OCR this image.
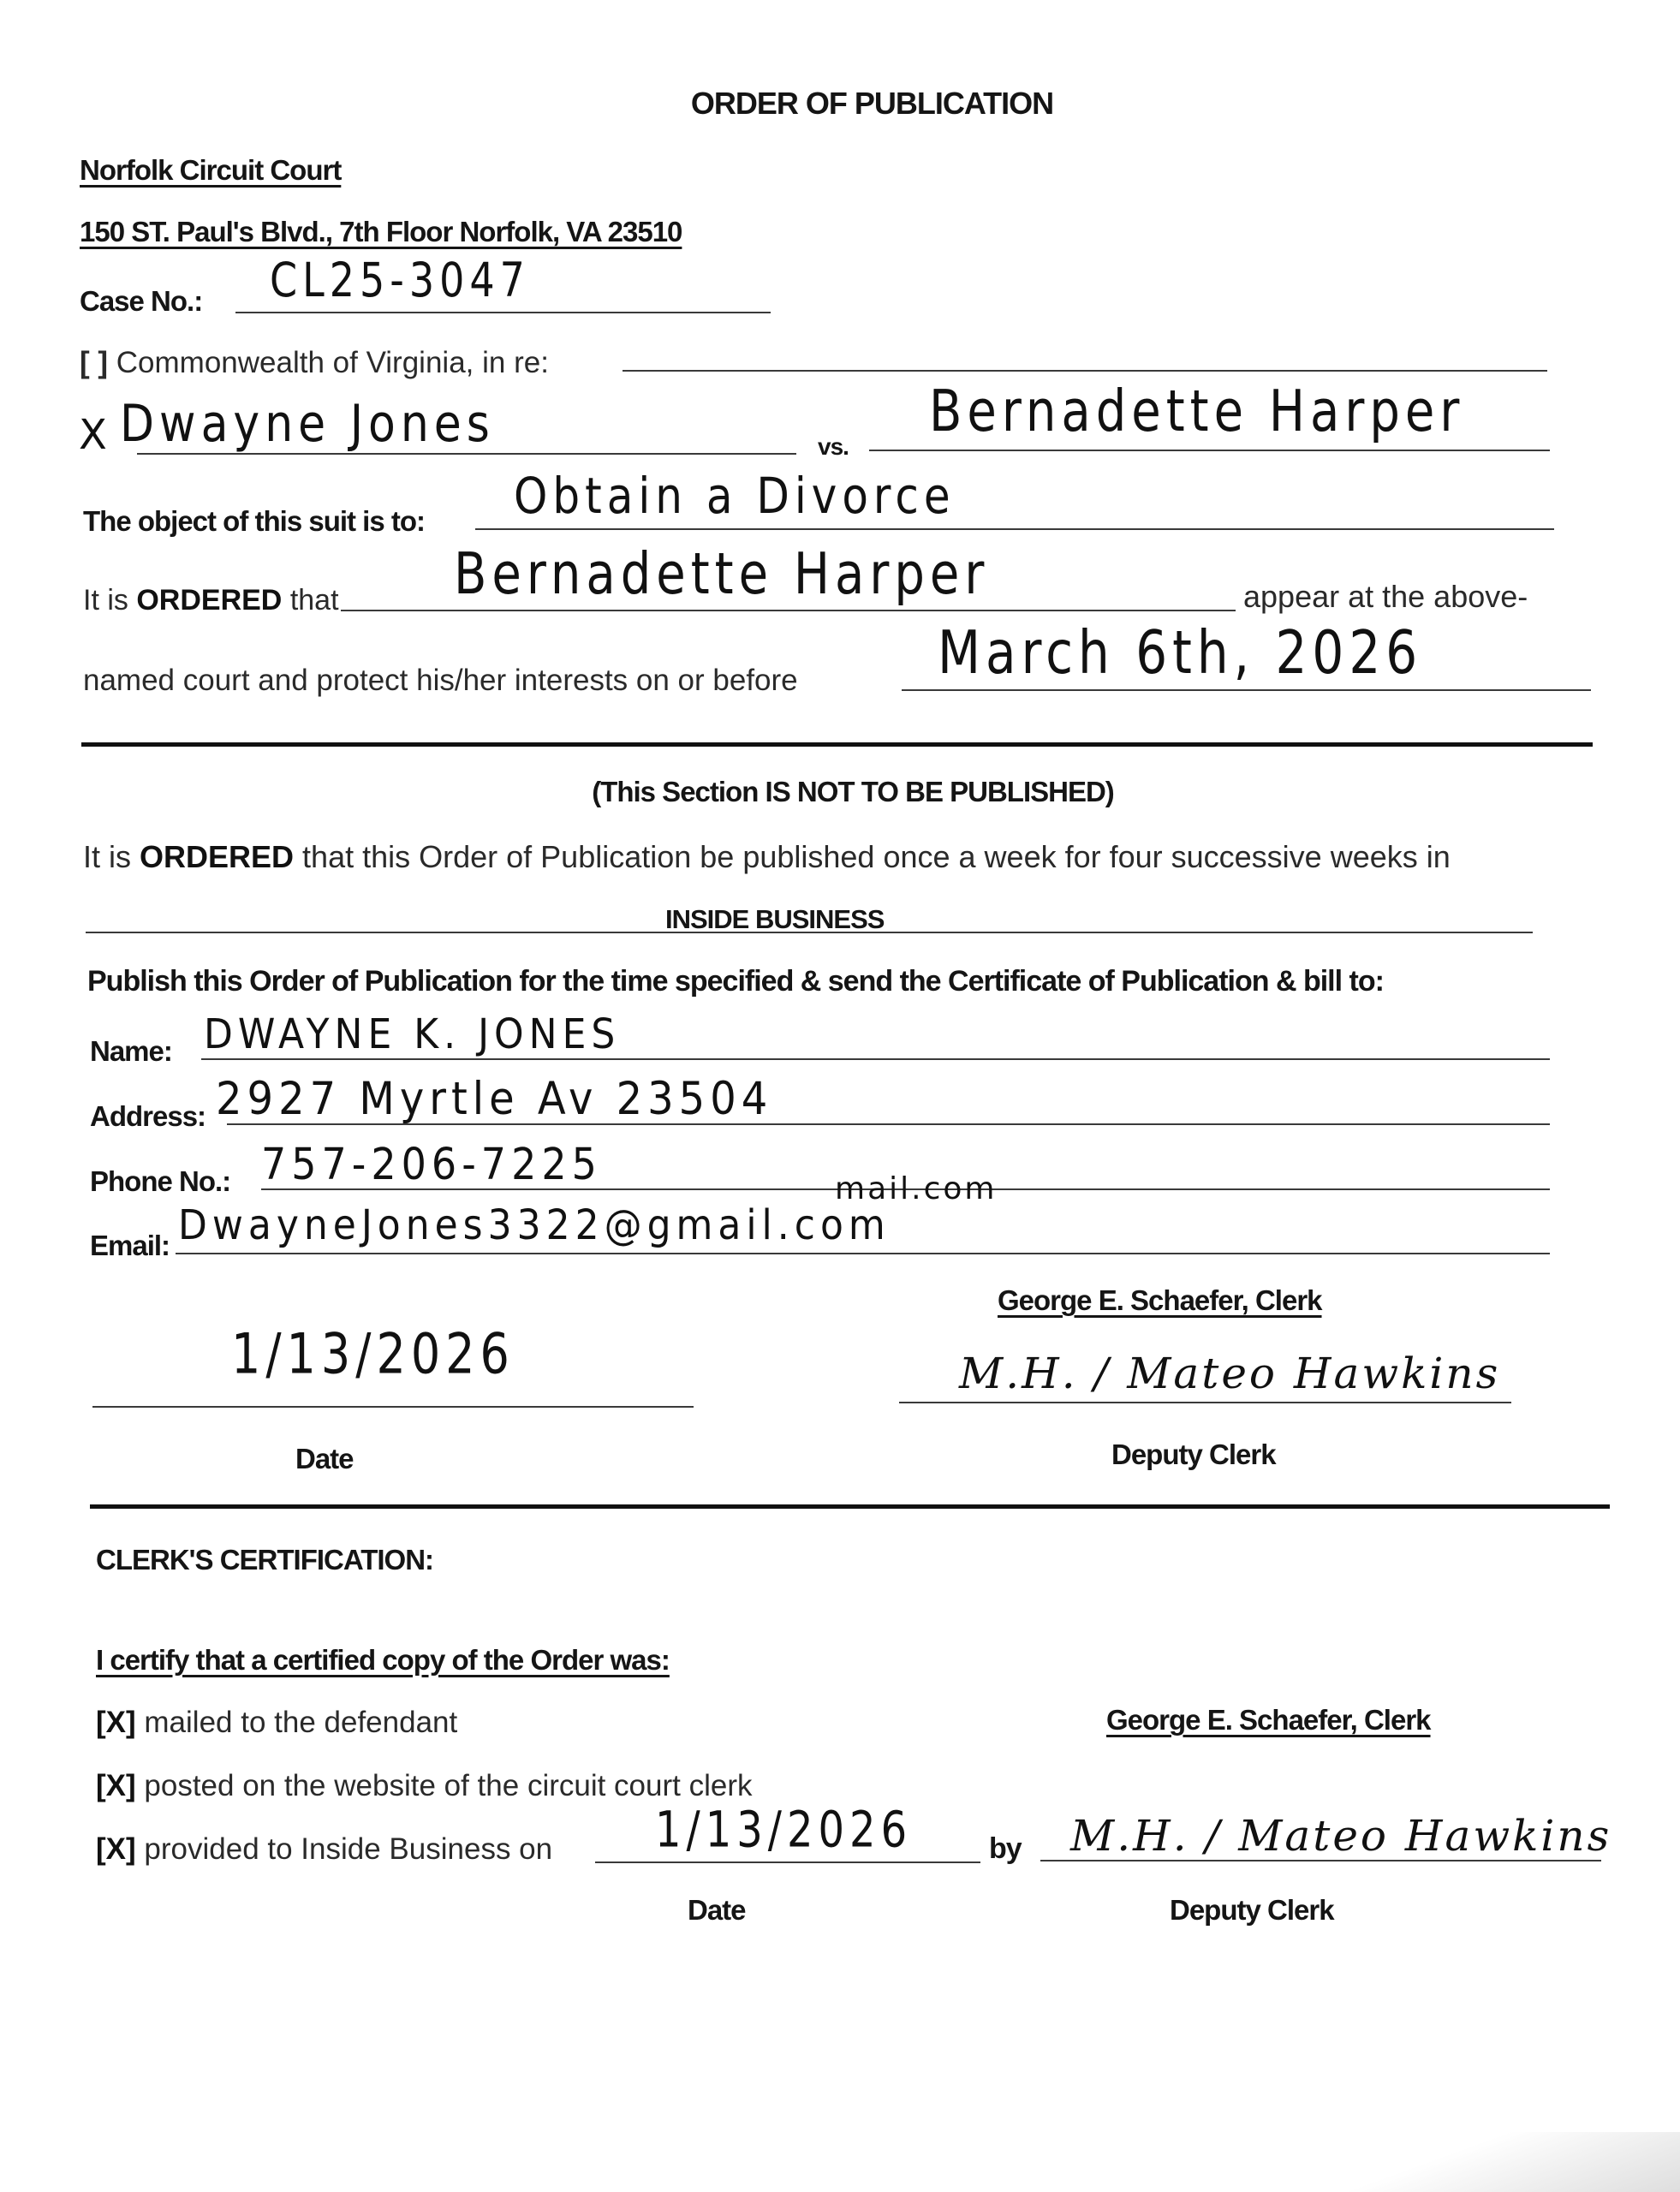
ORDER OF PUBLICATION
Norfolk Circuit Court
150 ST. Paul's Blvd., 7th Floor Norfolk, VA 23510
Case No.: CL25-3047
[ ] Commonwealth of Virginia, in re:
X Dwayne Jones	vs.
Bernadette Harper
The object of this suit is to: Obtain a Divorce
It is ORDERED that Bernadette Harper	appear at the above-
named court and protect his/her interests on or before	March 6th, 2026
(This Section IS NOT TO BE PUBLISHED)
It is ORDERED that this Order of Publication be published once a week for four successive weeks in
INSIDE BUSINESS
Publish this Order of Publication for the time specified & send the Certificate of Publication & bill to:
Name: DWAYNE K. JONES
Address: 2927 Myrtle Av 23504
Phone No.: 757-206-7225
Email: DwayneJones3322@gmail.com
mail.com
George E. Schaefer, Clerk
1/13/2026	M.H. / Mateo Hawkins
Date	Deputy Clerk
CLERK'S CERTIFICATION:
I certify that a certified copy of the Order was:
[X] mailed to the defendant
[X] posted on the website of the circuit court clerk
[X] provided to Inside Business on 1/13/2026	by
George E. Schaefer, Clerk
M.H. / Mateo Hawkins
Date	Deputy Clerk
